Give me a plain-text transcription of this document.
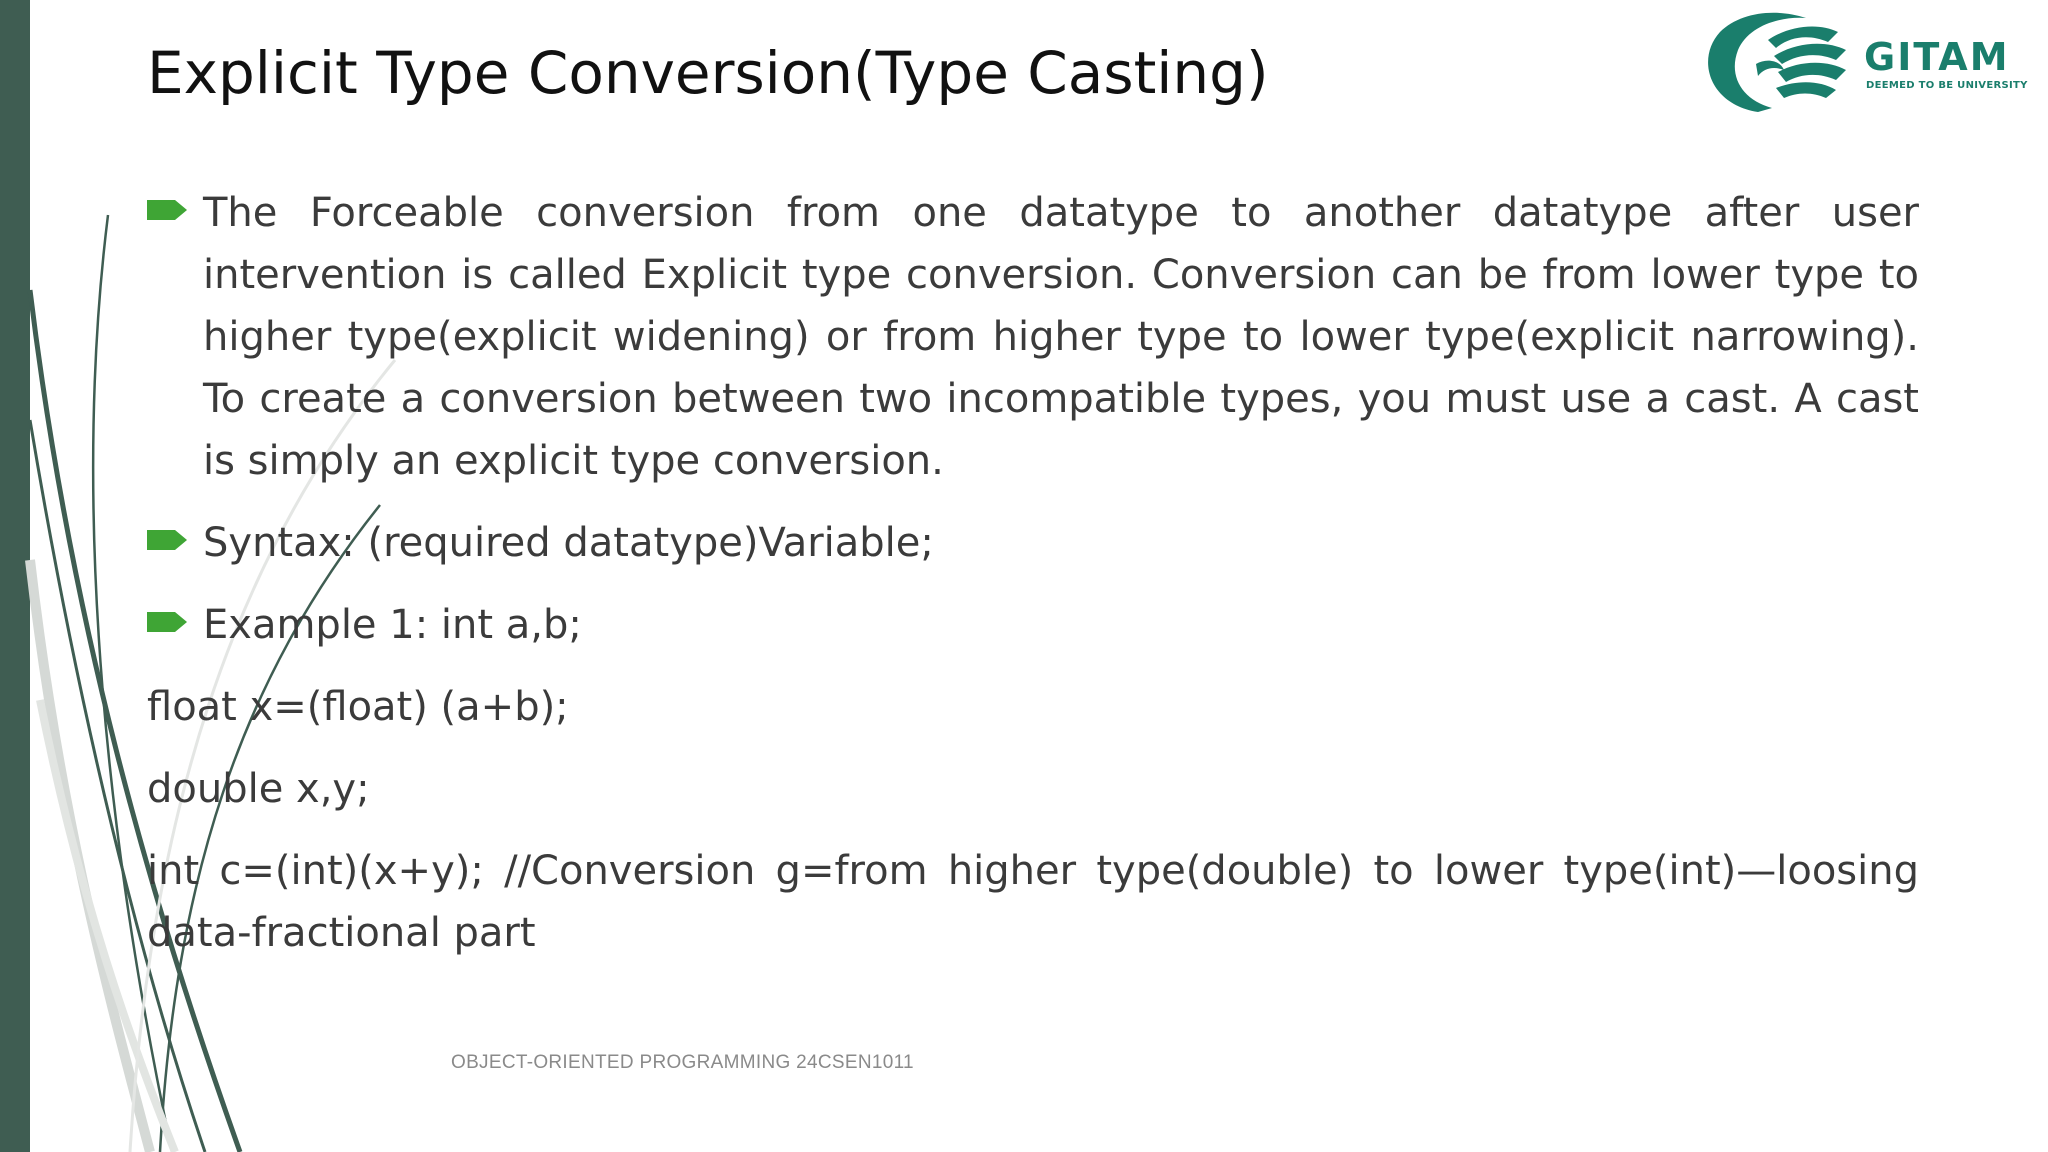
GITAM
DEEMED TO BE UNIVERSITY
Explicit Type Conversion(Type Casting)
The Forceable conversion from one datatype to another datatype after user intervention is called Explicit type conversion. Conversion can be from lower type to higher type(explicit widening) or from higher type to lower type(explicit narrowing). To create a conversion between two incompatible types, you must use a cast. A cast is simply an explicit type conversion.
Syntax: (required datatype)Variable;
Example 1: int a,b;
float x=(float) (a+b);
double x,y;
int c=(int)(x+y); //Conversion g=from higher type(double) to lower type(int)—loosing data-fractional part
OBJECT-ORIENTED PROGRAMMING 24CSEN1011
